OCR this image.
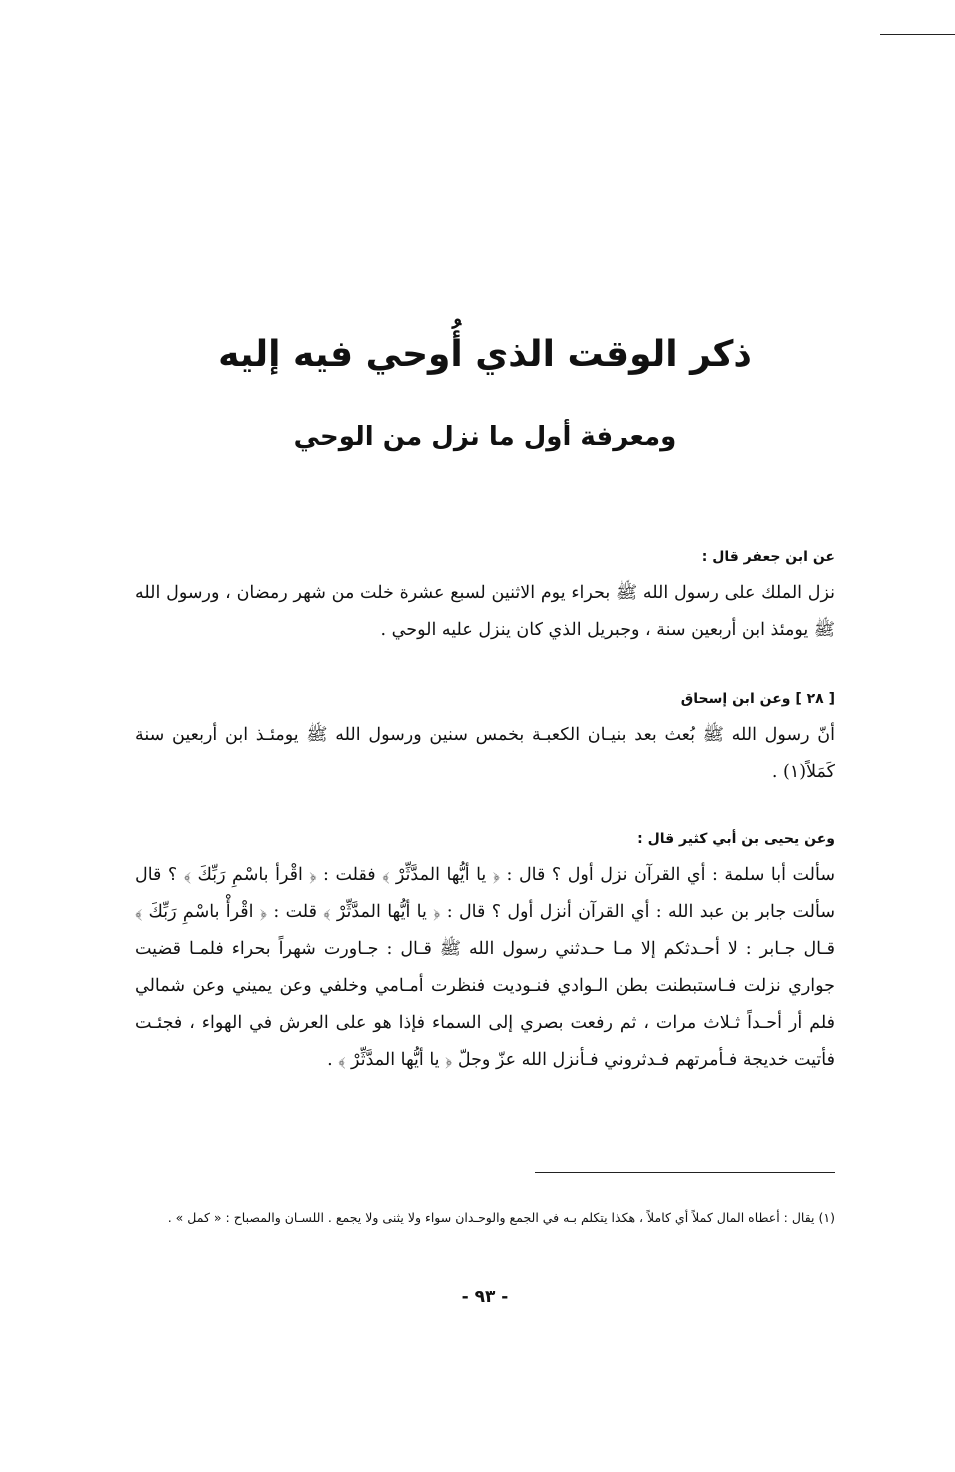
ذكر الوقت الذي أُوحي فيه إليه
ومعرفة أول ما نزل من الوحي

عن ابن جعفر قال :

نزل الملك على رسول الله ﷺ بحراء يوم الاثنين لسبع عشرة خلت من شهر رمضان ، ورسول الله ﷺ يومئذ ابن أربعين سنة ، وجبريل الذي كان ينزل عليه الوحي .

[ ٢٨ ] وعن ابن إسحاق

أنّ رسول الله ﷺ بُعث بعد بنيـان الكعبـة بخمس سنين ورسول الله ﷺ يومئـذ ابن أربعين سنة كَمَلاً(١) .

وعن يحيى بن أبي كثير قال :

سألت أبا سلمة : أي القرآن نزل أول ؟ قال : ﴿ يا أيُّها المدَّثِّرْ ﴾ فقلت : ﴿ اقْرأ باسْمِ رَبِّكَ ﴾ ؟ قال سألت جابر بن عبد الله : أي القرآن أنزل أول ؟ قال : ﴿ يا أيُّها المدَّثِّرْ ﴾ قلت : ﴿ اقْرأْ باسْمِ رَبِّكَ ﴾ قـال جـابر : لا أحـدثكم إلا مـا حـدثني رسول الله ﷺ قـال : جـاورت شهراً بحراء فلمـا قضيت جواري نزلت فـاستبطنت بطن الـوادي فنـوديت فنظرت أمـامي وخلفي وعن يميني وعن شمالي فلم أر أحـداً ثـلاث مرات ، ثم رفعت بصري إلى السماء فإذا هو على العرش في الهواء ، فجئـت فأتيت خديجة فـأمرتهم فـدثروني فـأنزل الله عزّ وجلّ ﴿ يا أيُّها المدَّثِّرْ ﴾ .

(١) يقال : أعطاه المال كملاً أي كاملاً ، هكذا يتكلم بـه في الجمع والوحـدان سواء ولا يثنى ولا يجمع . اللسـان والمصباح : « كمل » .

- ٩٣ -
